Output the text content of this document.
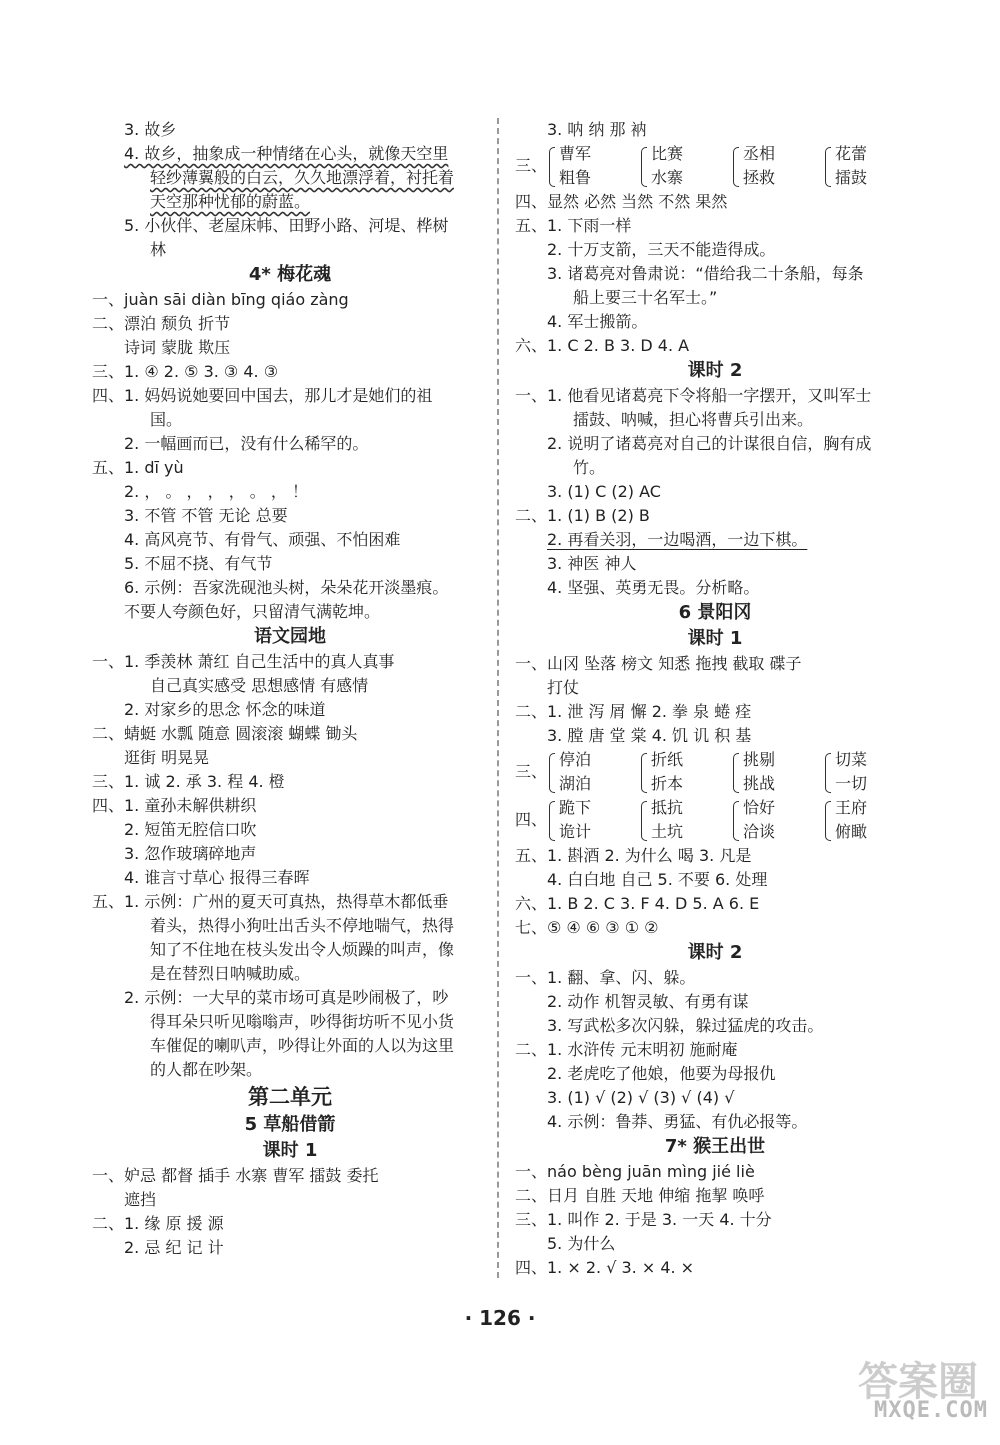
3. 故乡
4. 故乡，抽象成一种情绪在心头，就像天空里
轻纱薄翼般的白云，久久地漂浮着，衬托着
天空那种忧郁的蔚蓝。
5. 小伙伴、老屋床帏、田野小路、河堤、桦树
林
4* 梅花魂
一、juàn sāi diàn bīng qiáo zàng
二、漂泊 颓负 折节
诗词 蒙胧 欺压
三、1. ④ 2. ⑤ 3. ③ 4. ③
四、1. 妈妈说她要回中国去，那儿才是她们的祖
国。
2. 一幅画而已，没有什么稀罕的。
五、1. dī yù
2. ， 。 ， ， ， 。 ， ！
3. 不管 不管 无论 总要
4. 高风亮节、有骨气、顽强、不怕困难
5. 不屈不挠、有气节
6. 示例：吾家洗砚池头树，朵朵花开淡墨痕。
不要人夸颜色好，只留清气满乾坤。
语文园地
一、1. 季羡林 萧红 自己生活中的真人真事
自己真实感受 思想感情 有感情
2. 对家乡的思念 怀念的味道
二、蜻蜓 水瓢 随意 圆滚滚 蝴蝶 锄头
逛街 明晃晃
三、1. 诚 2. 承 3. 程 4. 橙
四、1. 童孙未解供耕织
2. 短笛无腔信口吹
3. 忽作玻璃碎地声
4. 谁言寸草心 报得三春晖
五、1. 示例：广州的夏天可真热，热得草木都低垂
着头，热得小狗吐出舌头不停地喘气，热得
知了不住地在枝头发出令人烦躁的叫声，像
是在替烈日呐喊助威。
2. 示例：一大早的菜市场可真是吵闹极了，吵
得耳朵只听见嗡嗡声，吵得街坊听不见小货
车催促的喇叭声，吵得让外面的人以为这里
的人都在吵架。
第二单元
5 草船借箭
课时 1
一、妒忌 都督 插手 水寨 曹军 擂鼓 委托
遮挡
二、1. 缘 原 援 源
2. 忌 纪 记 计
3. 呐 纳 那 衲
三、
曹军
粗鲁
比赛
水寨
丞相
拯救
花蕾
擂鼓
四、显然 必然 当然 不然 果然
五、1. 下雨一样
2. 十万支箭，三天不能造得成。
3. 诸葛亮对鲁肃说：“借给我二十条船，每条
船上要三十名军士。”
4. 军士搬箭。
六、1. C 2. B 3. D 4. A
课时 2
一、1. 他看见诸葛亮下令将船一字摆开，又叫军士
擂鼓、呐喊，担心将曹兵引出来。
2. 说明了诸葛亮对自己的计谋很自信，胸有成
竹。
3. (1) C (2) AC
二、1. (1) B (2) B
2. 再看关羽，一边喝酒，一边下棋。
3. 神医 神人
4. 坚强、英勇无畏。分析略。
6 景阳冈
课时 1
一、山冈 坠落 榜文 知悉 拖拽 截取 碟子
打仗
二、1. 泄 泻 屑 懈 2. 拳 泉 蜷 痊
3. 膛 唐 堂 棠 4. 饥 讥 积 基
三、
停泊
湖泊
折纸
折本
挑剔
挑战
切菜
一切
四、
跪下
诡计
抵抗
土坑
恰好
洽谈
王府
俯瞰
五、1. 斟酒 2. 为什么 喝 3. 凡是
4. 白白地 自己 5. 不要 6. 处理
六、1. B 2. C 3. F 4. D 5. A 6. E
七、⑤ ④ ⑥ ③ ① ②
课时 2
一、1. 翻、拿、闪、躲。
2. 动作 机智灵敏、有勇有谋
3. 写武松多次闪躲，躲过猛虎的攻击。
二、1. 水浒传 元末明初 施耐庵
2. 老虎吃了他娘，他要为母报仇
3. (1) √ (2) √ (3) √ (4) √
4. 示例：鲁莽、勇猛、有仇必报等。
7* 猴王出世
一、náo bèng juān mìng jié liè
二、日月 自胜 天地 伸缩 拖挈 唤呼
三、1. 叫作 2. 于是 3. 一天 4. 十分
5. 为什么
四、1. × 2. √ 3. × 4. ×
· 126 ·
答案圈
MXQE.COM
